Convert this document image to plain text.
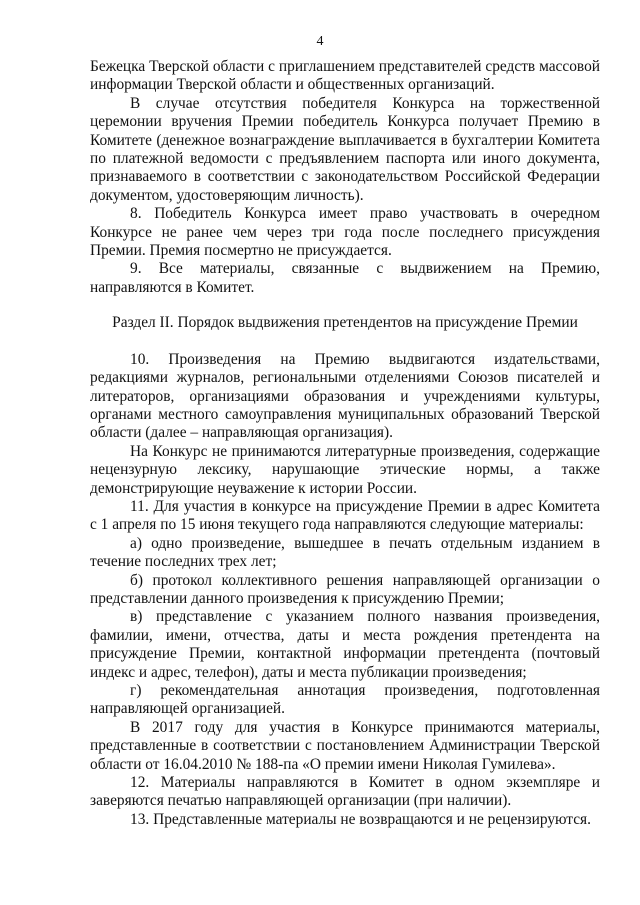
4

Бежецка Тверской области с приглашением представителей средств массовой информации Тверской области и общественных организаций.

В случае отсутствия победителя Конкурса на торжественной церемонии вручения Премии победитель Конкурса получает Премию в Комитете (денежное вознаграждение выплачивается в бухгалтерии Комитета по платежной ведомости с предъявлением паспорта или иного документа, признаваемого в соответствии с законодательством Российской Федерации документом, удостоверяющим личность).

8. Победитель Конкурса имеет право участвовать в очередном Конкурсе не ранее чем через три года после последнего присуждения Премии. Премия посмертно не присуждается.

9. Все материалы, связанные с выдвижением на Премию, направляются в Комитет.

Раздел II. Порядок выдвижения претендентов на присуждение Премии

10. Произведения на Премию выдвигаются издательствами, редакциями журналов, региональными отделениями Союзов писателей и литераторов, организациями образования и учреждениями культуры, органами местного самоуправления муниципальных образований Тверской области (далее – направляющая организация).

На Конкурс не принимаются литературные произведения, содержащие нецензурную лексику, нарушающие этические нормы, а также демонстрирующие неуважение к истории России.

11. Для участия в конкурсе на присуждение Премии в адрес Комитета с 1 апреля по 15 июня текущего года направляются следующие материалы:

а) одно произведение, вышедшее в печать отдельным изданием в течение последних трех лет;

б) протокол коллективного решения направляющей организации о представлении данного произведения к присуждению Премии;

в) представление с указанием полного названия произведения, фамилии, имени, отчества, даты и места рождения претендента на присуждение Премии, контактной информации претендента (почтовый индекс и адрес, телефон), даты и места публикации произведения;

г) рекомендательная аннотация произведения, подготовленная направляющей организацией.

В 2017 году для участия в Конкурсе принимаются материалы, представленные в соответствии с постановлением Администрации Тверской области от 16.04.2010 № 188-па «О премии имени Николая Гумилева».

12. Материалы направляются в Комитет в одном экземпляре и заверяются печатью направляющей организации (при наличии).

13. Представленные материалы не возвращаются и не рецензируются.
